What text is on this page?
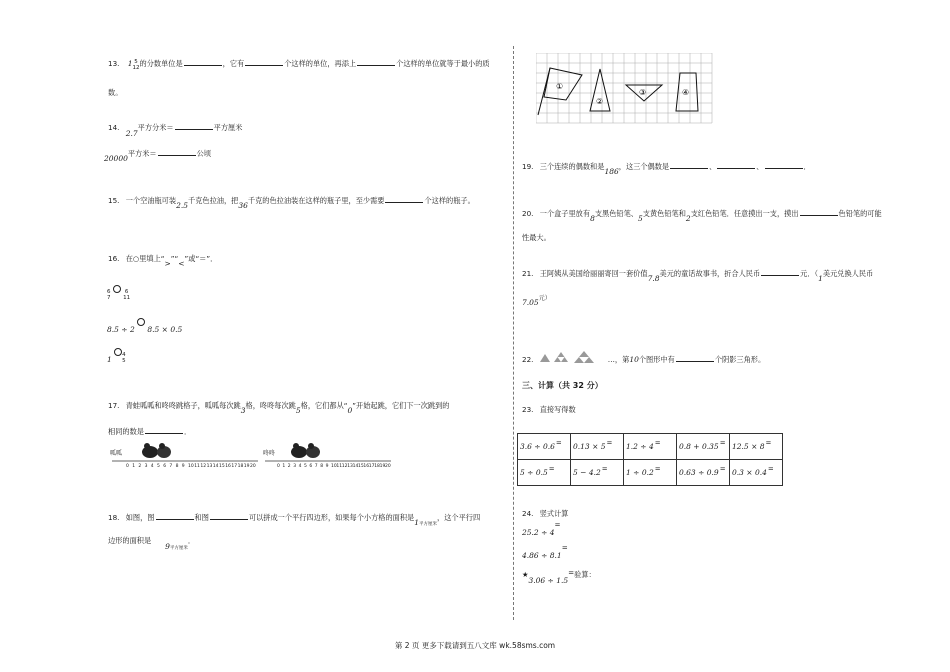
13. 1 5
12的分数单位是	，它有	个这样的单位，再添上	个这样的单位就等于最小的质
数。
14. 2.7平方分米＝	平方厘米
20000平方米＝	公顷
15. 一个空油瓶可装2.5千克色拉油，把36千克的色拉油装在这样的瓶子里，至少需要	个这样的瓶子。
16. 在○里填上“>”“<”或“＝”．
6
7  6
11
8.5 ÷ 2 8.5 × 0.5
1 4
5
17. 青蛙呱呱和咚咚跳格子，呱呱每次跳3格，咚咚每次跳5格，它们都从“0”开始起跳，它们下一次跳到的
相同的数是	．
呱呱
0 1 2 3 4 5 6 7 8 9 10 11 12 13 14 15 16 17 18 19 20
咚咚
0 1 2 3 4 5 6 7 8 9 10 11 12 13 14 15 16 17 18 19 20
18. 如图，图	和图	可以拼成一个平行四边形，如果每个小方格的面积是$1_{平方厘米}$，这个平行四
边形的面积是$9_{平方厘米}$．
①
②
③	④
19. 三个连续的偶数和是186，这三个偶数是	、	、	．
20. 一个盒子里放有8支黑色铅笔、5支黄色铅笔和2支红色铅笔．任意摸出一支，摸出	色铅笔的可能
性最大。
21. 王阿姨从美国给丽丽寄回一套价值7.8美元的童话故事书，折合人民币	元．（1美元兑换人民币
7.05元）
22.	…，第10个图形中有	个阴影三角形。
三、计算（共 32 分）
23. 直接写得数
3.6 ÷ 0.6=	0.13 × 5=	1.2 ÷ 4=	0.8 + 0.35=	12.5 × 8=
5 ÷ 0.5=	5 − 4.2=	1 ÷ 0.2=	0.63 ÷ 0.9=	0.3 × 0.4=
24. 竖式计算
25.2 ÷ 4=
4.86 ÷ 8.1=
★3.06 ÷ 1.5=验算：
第 2 页 更多下载请到五八文库 wk.58sms.com
